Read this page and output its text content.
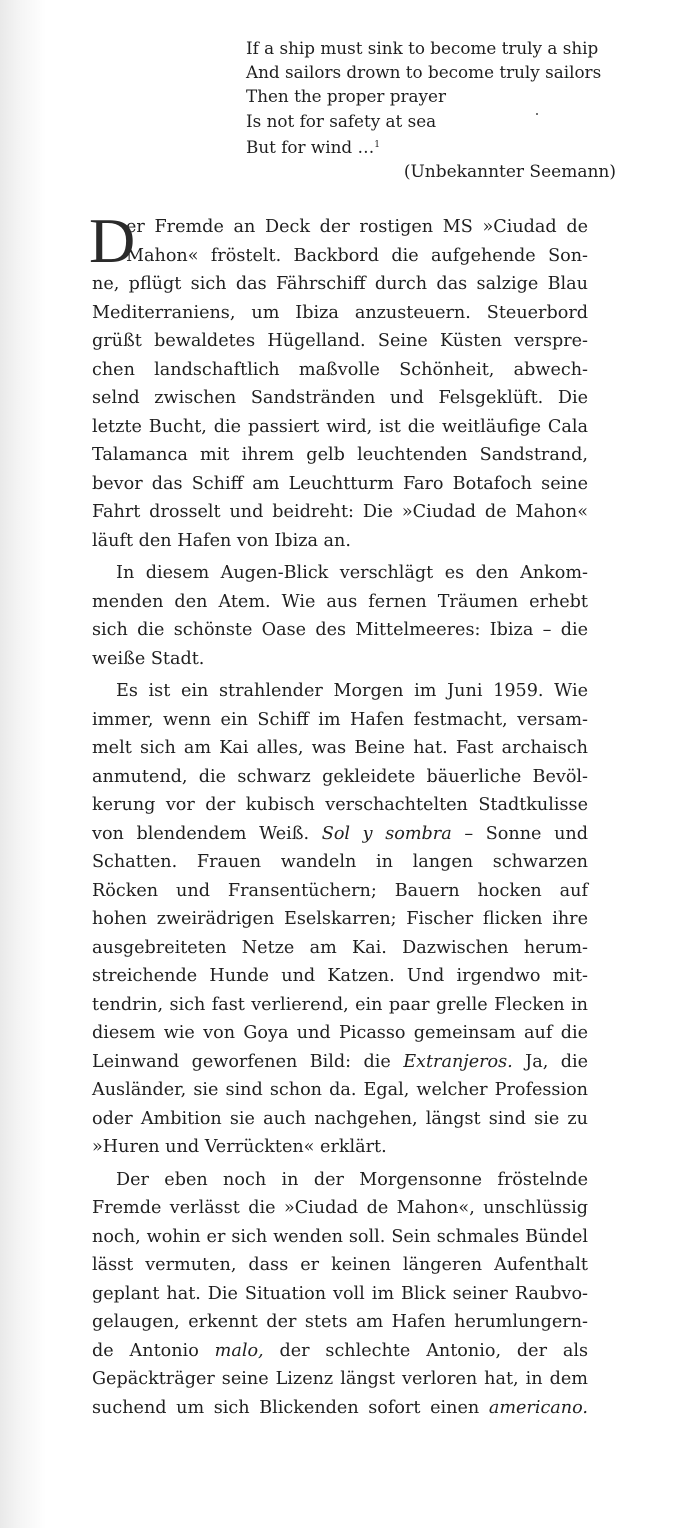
If a ship must sink to become truly a ship
And sailors drown to become truly sailors
Then the proper prayer
Is not for safety at sea
But for wind …$^1$
(Unbekannter Seemann)
D
er Fremde an Deck der rostigen MS »Ciudad de
Mahon« fröstelt. Backbord die aufgehende Son-
ne, pflügt sich das Fährschiff durch das salzige Blau
Mediterraniens, um Ibiza anzusteuern. Steuerbord
grüßt bewaldetes Hügelland. Seine Küsten verspre-
chen landschaftlich maßvolle Schönheit, abwech-
selnd zwischen Sandstränden und Felsgeklüft. Die
letzte Bucht, die passiert wird, ist die weitläufige Cala
Talamanca mit ihrem gelb leuchtenden Sandstrand,
bevor das Schiff am Leuchtturm Faro Botafoch seine
Fahrt drosselt und beidreht: Die »Ciudad de Mahon«
läuft den Hafen von Ibiza an.
In diesem Augen-Blick verschlägt es den Ankom-
menden den Atem. Wie aus fernen Träumen erhebt
sich die schönste Oase des Mittelmeeres: Ibiza – die
weiße Stadt.
Es ist ein strahlender Morgen im Juni 1959. Wie
immer, wenn ein Schiff im Hafen festmacht, versam-
melt sich am Kai alles, was Beine hat. Fast archaisch
anmutend, die schwarz gekleidete bäuerliche Bevöl-
kerung vor der kubisch verschachtelten Stadtkulisse
von blendendem Weiß. Sol y sombra – Sonne und
Schatten. Frauen wandeln in langen schwarzen
Röcken und Fransentüchern; Bauern hocken auf
hohen zweirädrigen Eselskarren; Fischer flicken ihre
ausgebreiteten Netze am Kai. Dazwischen herum-
streichende Hunde und Katzen. Und irgendwo mit-
tendrin, sich fast verlierend, ein paar grelle Flecken in
diesem wie von Goya und Picasso gemeinsam auf die
Leinwand geworfenen Bild: die Extranjeros. Ja, die
Ausländer, sie sind schon da. Egal, welcher Profession
oder Ambition sie auch nachgehen, längst sind sie zu
»Huren und Verrückten« erklärt.
Der eben noch in der Morgensonne fröstelnde
Fremde verlässt die »Ciudad de Mahon«, unschlüssig
noch, wohin er sich wenden soll. Sein schmales Bündel
lässt vermuten, dass er keinen längeren Aufenthalt
geplant hat. Die Situation voll im Blick seiner Raubvo-
gelaugen, erkennt der stets am Hafen herumlungern-
de Antonio malo, der schlechte Antonio, der als
Gepäckträger seine Lizenz längst verloren hat, in dem
suchend um sich Blickenden sofort einen americano.
